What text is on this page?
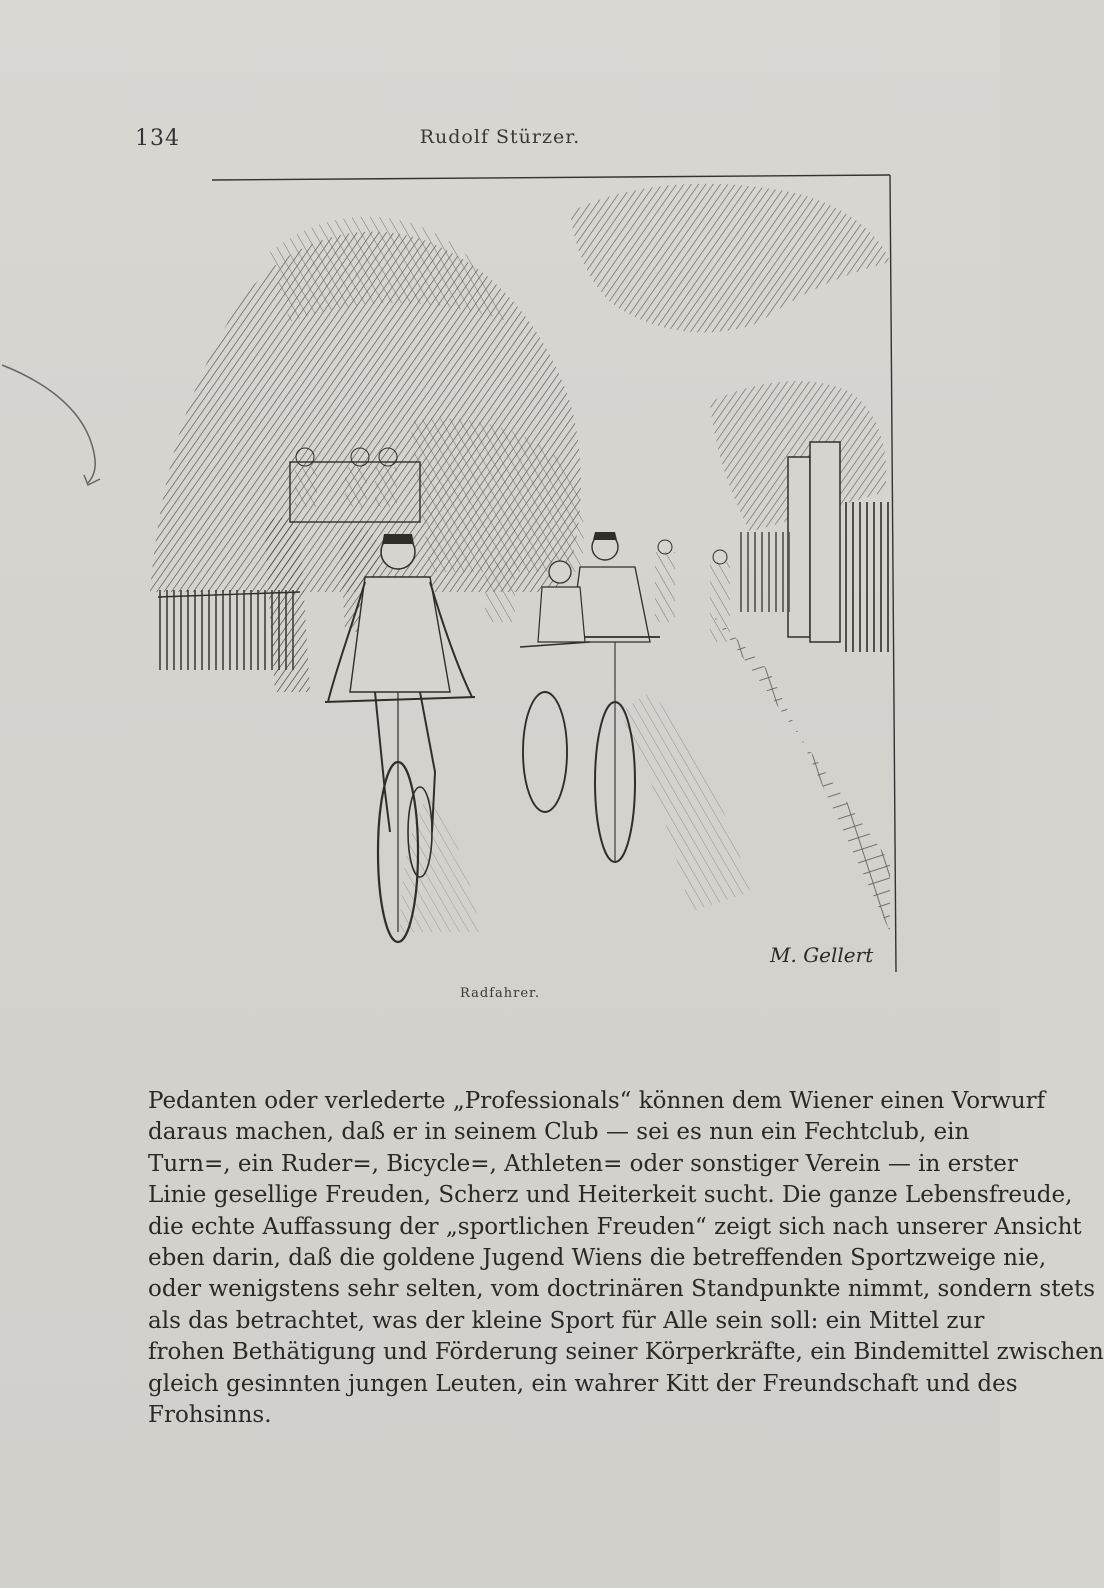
134	Rudolf Stürzer.
M. Gellert
Radfahrer.
Pedanten oder verlederte „Professionals“ können dem Wiener einen Vorwurf
daraus machen, daß er in seinem Club — sei es nun ein Fechtclub, ein
Turn=, ein Ruder=, Bicycle=, Athleten= oder sonstiger Verein — in erster
Linie gesellige Freuden, Scherz und Heiterkeit sucht. Die ganze Lebensfreude,
die echte Auffassung der „sportlichen Freuden“ zeigt sich nach unserer Ansicht
eben darin, daß die goldene Jugend Wiens die betreffenden Sportzweige nie,
oder wenigstens sehr selten, vom doctrinären Standpunkte nimmt, sondern stets
als das betrachtet, was der kleine Sport für Alle sein soll: ein Mittel zur
frohen Bethätigung und Förderung seiner Körperkräfte, ein Bindemittel zwischen
gleich gesinnten jungen Leuten, ein wahrer Kitt der Freundschaft und des
Frohsinns.
